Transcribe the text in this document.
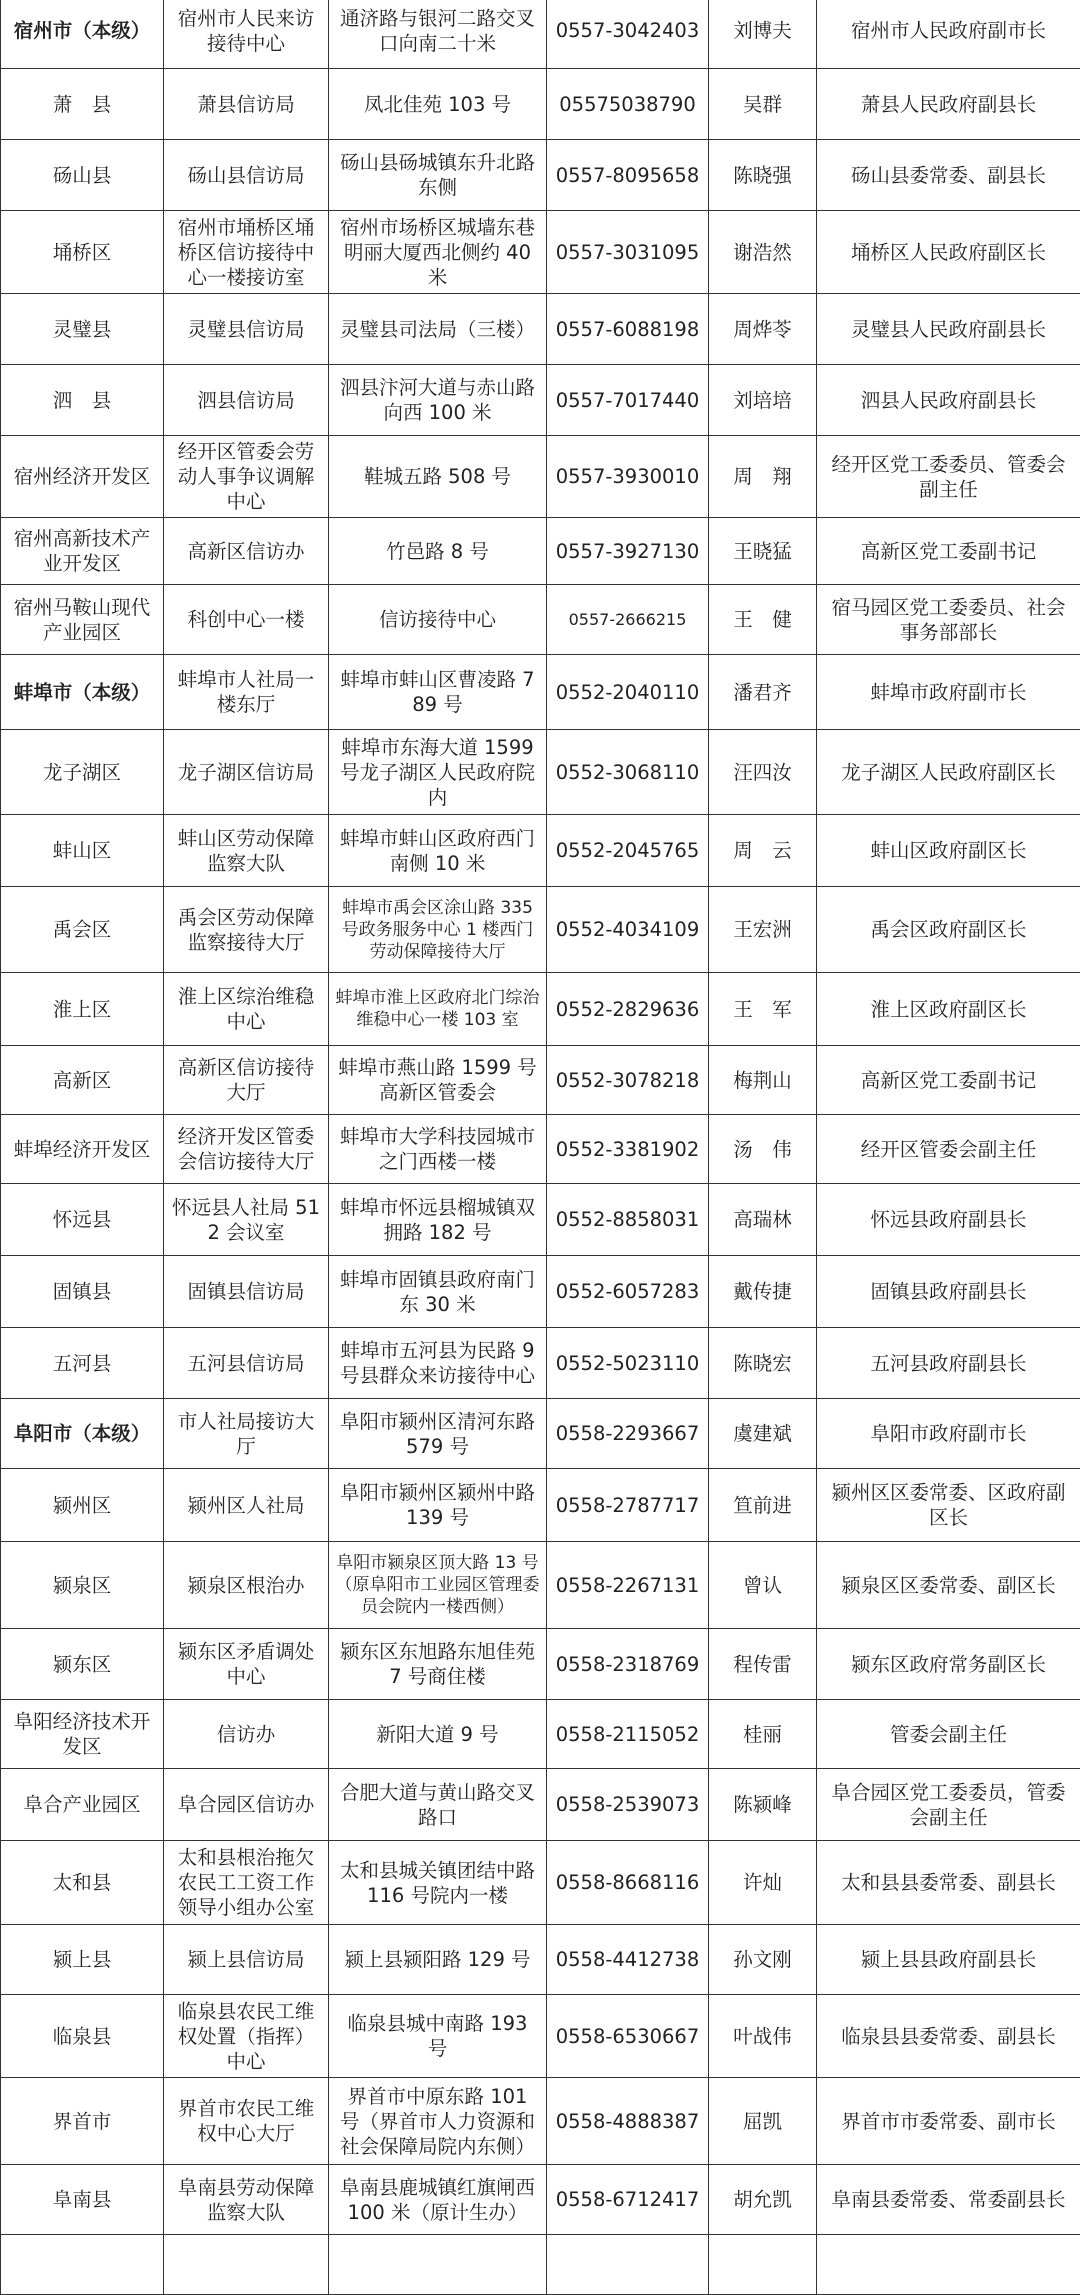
宿州市（本级）	宿州市人民来访接待中心	通济路与银河二路交叉口向南二十米	0557-3042403	刘博夫	宿州市人民政府副市长
萧　县	萧县信访局	凤北佳苑 103 号	05575038790	吴群	萧县人民政府副县长
砀山县	砀山县信访局	砀山县砀城镇东升北路东侧	0557-8095658	陈晓强	砀山县委常委、副县长
埇桥区	宿州市埇桥区埇桥区信访接待中心一楼接访室	宿州市场桥区城墙东巷明丽大厦西北侧约 40 米	0557-3031095	谢浩然	埇桥区人民政府副区长
灵璧县	灵璧县信访局	灵璧县司法局（三楼）	0557-6088198	周烨苓	灵璧县人民政府副县长
泗　县	泗县信访局	泗县汴河大道与赤山路向西 100 米	0557-7017440	刘培培	泗县人民政府副县长
宿州经济开发区	经开区管委会劳动人事争议调解中心	鞋城五路 508 号	0557-3930010	周　翔	经开区党工委委员、管委会副主任
宿州高新技术产业开发区	高新区信访办	竹邑路 8 号	0557-3927130	王晓猛	高新区党工委副书记
宿州马鞍山现代产业园区	科创中心一楼	信访接待中心	0557-2666215	王　健	宿马园区党工委委员、社会事务部部长
蚌埠市（本级）	蚌埠市人社局一楼东厅	蚌埠市蚌山区曹凌路 789 号	0552-2040110	潘君齐	蚌埠市政府副市长
龙子湖区	龙子湖区信访局	蚌埠市东海大道 1599 号龙子湖区人民政府院内	0552-3068110	汪四汝	龙子湖区人民政府副区长
蚌山区	蚌山区劳动保障监察大队	蚌埠市蚌山区政府西门南侧 10 米	0552-2045765	周　云	蚌山区政府副区长
禹会区	禹会区劳动保障监察接待大厅	蚌埠市禹会区涂山路 335 号政务服务中心 1 楼西门劳动保障接待大厅	0552-4034109	王宏洲	禹会区政府副区长
淮上区	淮上区综治维稳中心	蚌埠市淮上区政府北门综治维稳中心一楼 103 室	0552-2829636	王　军	淮上区政府副区长
高新区	高新区信访接待大厅	蚌埠市燕山路 1599 号高新区管委会	0552-3078218	梅荆山	高新区党工委副书记
蚌埠经济开发区	经济开发区管委会信访接待大厅	蚌埠市大学科技园城市之门西楼一楼	0552-3381902	汤　伟	经开区管委会副主任
怀远县	怀远县人社局 512 会议室	蚌埠市怀远县榴城镇双拥路 182 号	0552-8858031	高瑞林	怀远县政府副县长
固镇县	固镇县信访局	蚌埠市固镇县政府南门东 30 米	0552-6057283	戴传捷	固镇县政府副县长
五河县	五河县信访局	蚌埠市五河县为民路 9 号县群众来访接待中心	0552-5023110	陈晓宏	五河县政府副县长
阜阳市（本级）	市人社局接访大厅	阜阳市颍州区清河东路 579 号	0558-2293667	虞建斌	阜阳市政府副市长
颍州区	颍州区人社局	阜阳市颍州区颍州中路 139 号	0558-2787717	笪前进	颍州区区委常委、区政府副区长
颍泉区	颍泉区根治办	阜阳市颍泉区顶大路 13 号（原阜阳市工业园区管理委员会院内一楼西侧）	0558-2267131	曾认	颍泉区区委常委、副区长
颍东区	颍东区矛盾调处中心	颍东区东旭路东旭佳苑 7 号商住楼	0558-2318769	程传雷	颍东区政府常务副区长
阜阳经济技术开发区	信访办	新阳大道 9 号	0558-2115052	桂丽	管委会副主任
阜合产业园区	阜合园区信访办	合肥大道与黄山路交叉路口	0558-2539073	陈颍峰	阜合园区党工委委员，管委会副主任
太和县	太和县根治拖欠农民工工资工作领导小组办公室	太和县城关镇团结中路 116 号院内一楼	0558-8668116	许灿	太和县县委常委、副县长
颍上县	颍上县信访局	颍上县颍阳路 129 号	0558-4412738	孙文刚	颍上县县政府副县长
临泉县	临泉县农民工维权处置（指挥）中心	临泉县城中南路 193 号	0558-6530667	叶战伟	临泉县县委常委、副县长
界首市	界首市农民工维权中心大厅	界首市中原东路 101 号（界首市人力资源和社会保障局院内东侧）	0558-4888387	屈凯	界首市市委常委、副市长
阜南县	阜南县劳动保障监察大队	阜南县鹿城镇红旗闸西 100 米（原计生办）	0558-6712417	胡允凯	阜南县委常委、常委副县长
